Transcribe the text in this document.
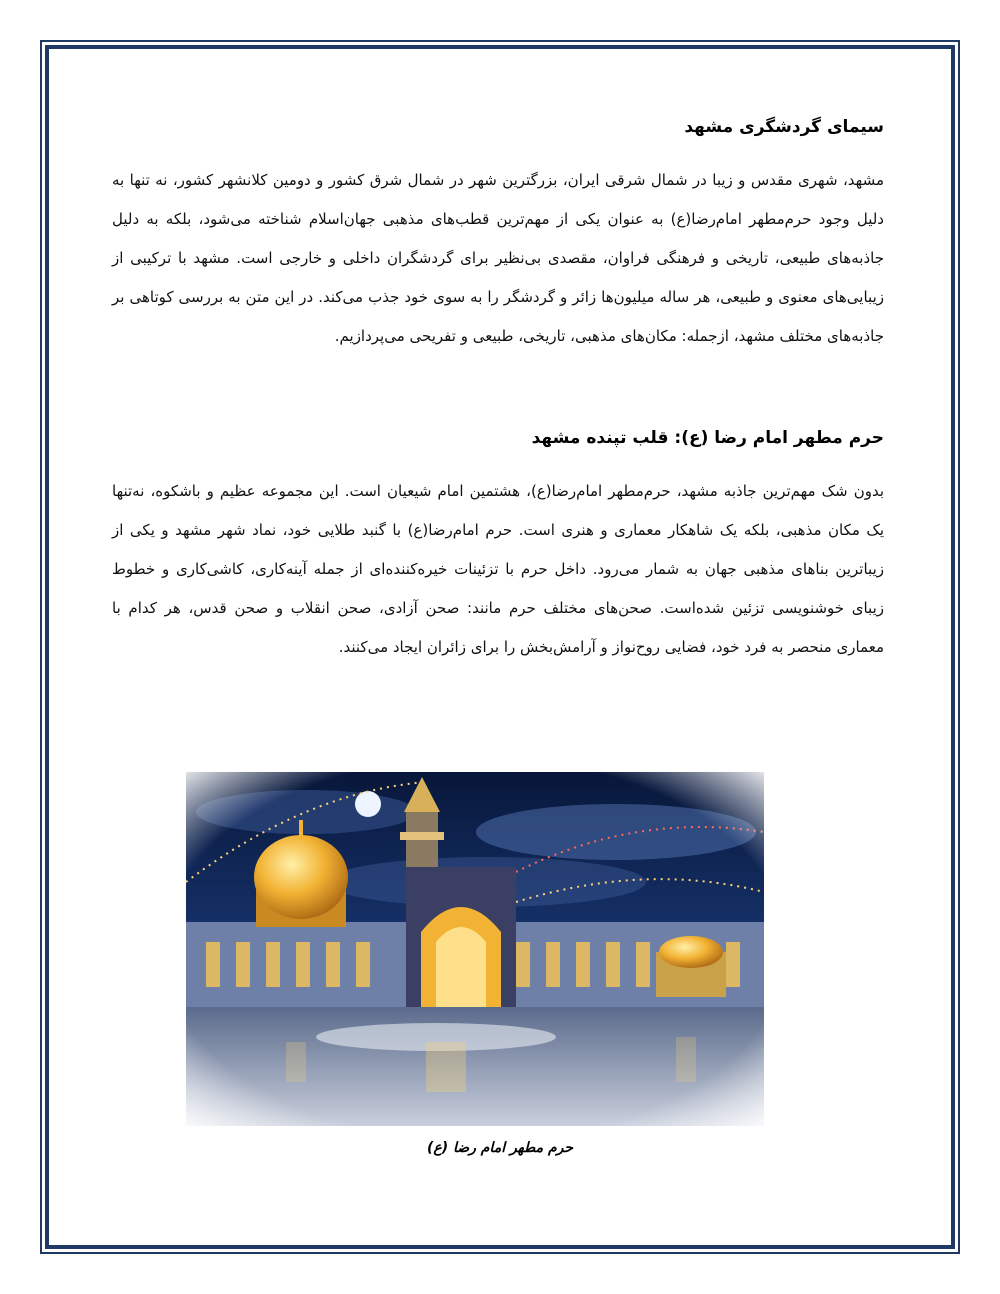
سیمای گردشگری مشهد

مشهد، شهری مقدس و زیبا در شمال شرقی ایران، بزرگترین شهر در شمال شرق کشور و دومین کلانشهر کشور، نه تنها به دلیل وجود حرم‌مطهر امام‌رضا(ع) به عنوان یکی از مهم‌ترین قطب‌های مذهبی جهان‌اسلام شناخته می‌شود، بلکه به دلیل جاذبه‌های طبیعی، تاریخی و فرهنگی فراوان، مقصدی بی‌نظیر برای گردشگران داخلی و خارجی است. مشهد با ترکیبی از زیبایی‌های معنوی و طبیعی، هر ساله میلیون‌ها زائر و گردشگر را به سوی خود جذب می‌کند. در این متن به بررسی کوتاهی بر جاذبه‌های مختلف مشهد، ازجمله: مکان‌های مذهبی، تاریخی، طبیعی و تفریحی می‌پردازیم.

حرم مطهر امام رضا (ع): قلب تپنده مشهد

بدون شک مهم‌ترین جاذبه مشهد، حرم‌مطهر امام‌رضا(ع)، هشتمین امام شیعیان است. این مجموعه عظیم و باشکوه، نه‌تنها یک مکان مذهبی، بلکه یک شاهکار معماری و هنری است. حرم امام‌رضا(ع) با گنبد طلایی خود، نماد شهر مشهد و یکی از زیباترین بناهای مذهبی جهان به شمار می‌رود. داخل حرم با تزئینات خیره‌کننده‌ای از جمله آینه‌کاری، کاشی‌کاری و خطوط زیبای خوشنویسی تزئین شده‌است. صحن‌های مختلف حرم مانند: صحن آزادی، صحن انقلاب و صحن قدس، هر کدام با معماری منحصر به فرد خود، فضایی روح‌نواز و آرامش‌بخش را برای زائران ایجاد می‌کنند.

حرم مطهر امام رضا (ع)
